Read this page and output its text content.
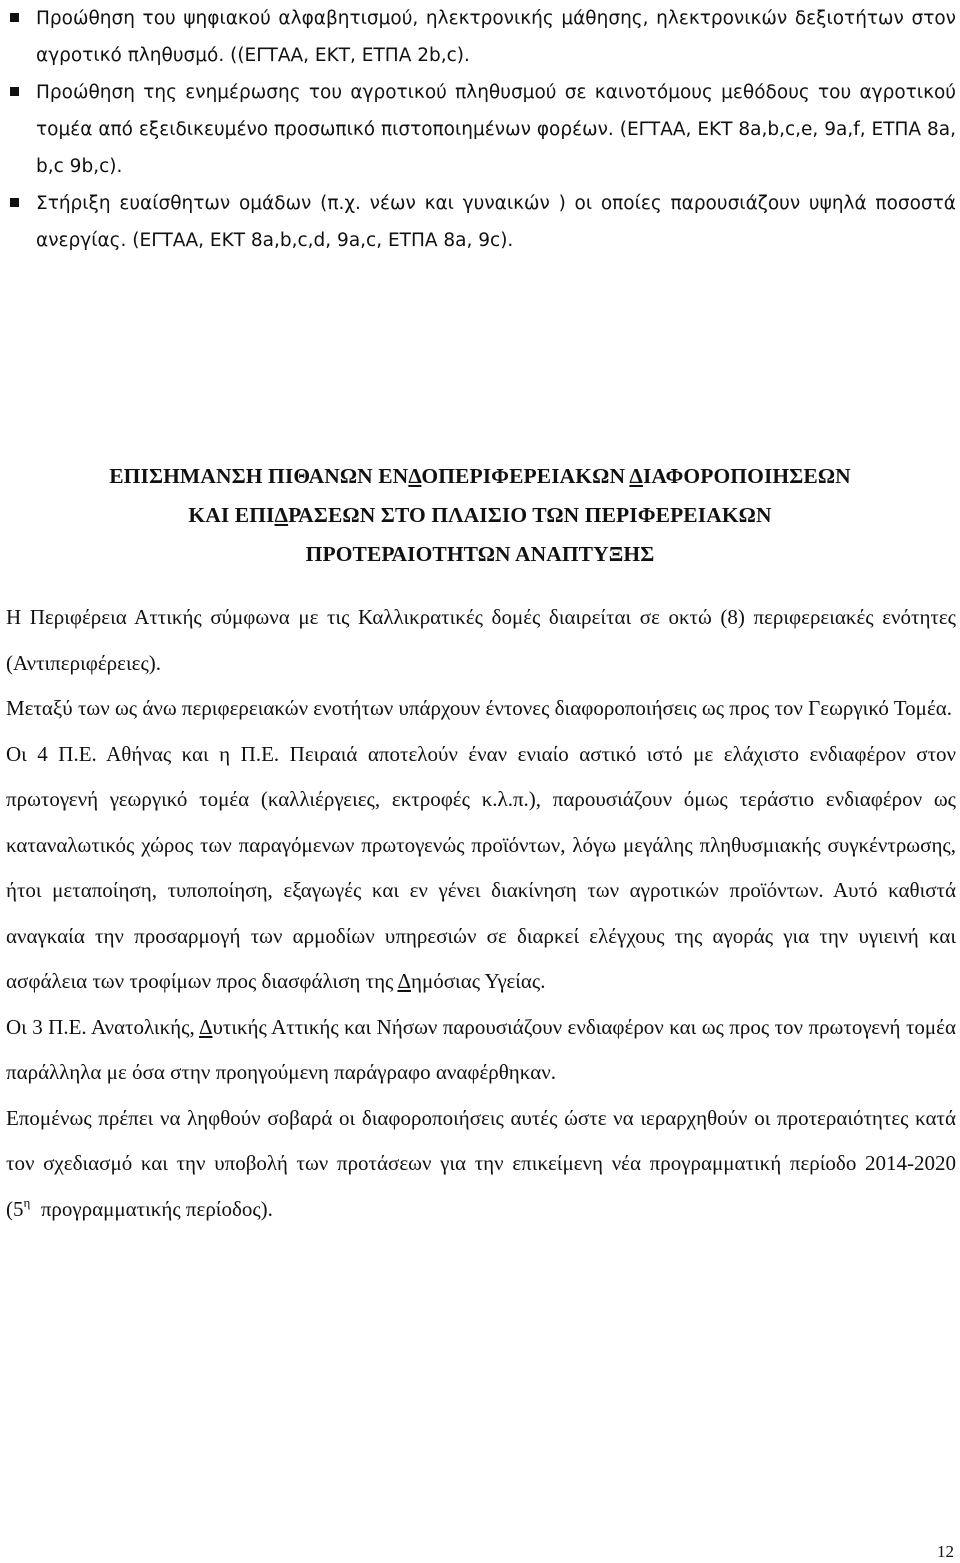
Προώθηση του ψηφιακού αλφαβητισμού, ηλεκτρονικής μάθησης, ηλεκτρονικών δεξιοτήτων στον αγροτικό πληθυσμό. ((ΕΓΤΑΑ, ΕΚΤ, ΕΤΠΑ 2b,c).
Προώθηση της ενημέρωσης του αγροτικού πληθυσμού σε καινοτόμους μεθόδους του αγροτικού τομέα από εξειδικευμένο προσωπικό πιστοποιημένων φορέων. (ΕΓΤΑΑ, ΕΚΤ 8a,b,c,e, 9a,f, ΕΤΠΑ 8a, b,c 9b,c).
Στήριξη ευαίσθητων ομάδων (π.χ. νέων και γυναικών ) οι οποίες παρουσιάζουν υψηλά ποσοστά ανεργίας. (ΕΓΤΑΑ, ΕΚΤ 8a,b,c,d, 9a,c, ΕΤΠΑ 8a, 9c).
ΕΠΙΣΗΜΑΝΣΗ ΠΙΘΑΝΩΝ ΕΝΔΟΠΕΡΙΦΕΡΕΙΑΚΩΝ ΔΙΑΦΟΡΟΠΟΙΗΣΕΩΝ
ΚΑΙ ΕΠΙΔΡΑΣΕΩΝ ΣΤΟ ΠΛΑΙΣΙΟ ΤΩΝ ΠΕΡΙΦΕΡΕΙΑΚΩΝ
ΠΡΟΤΕΡΑΙΟΤΗΤΩΝ ΑΝΑΠΤΥΞΗΣ

Η Περιφέρεια Αττικής σύμφωνα με τις Καλλικρατικές δομές διαιρείται σε οκτώ (8) περιφερειακές ενότητες (Αντιπεριφέρειες).

Μεταξύ των ως άνω περιφερειακών ενοτήτων υπάρχουν έντονες διαφοροποιήσεις ως προς τον Γεωργικό Τομέα.

Οι 4 Π.Ε. Αθήνας και η Π.Ε. Πειραιά αποτελούν έναν ενιαίο αστικό ιστό με ελάχιστο ενδιαφέρον στον πρωτογενή γεωργικό τομέα (καλλιέργειες, εκτροφές κ.λ.π.), παρουσιάζουν όμως τεράστιο ενδιαφέρον ως καταναλωτικός χώρος των παραγόμενων πρωτογενώς προϊόντων, λόγω μεγάλης πληθυσμιακής συγκέντρωσης, ήτοι μεταποίηση, τυποποίηση, εξαγωγές και εν γένει διακίνηση των αγροτικών προϊόντων. Αυτό καθιστά αναγκαία την προσαρμογή των αρμοδίων υπηρεσιών σε διαρκεί ελέγχους της αγοράς για την υγιεινή και ασφάλεια των τροφίμων προς διασφάλιση της Δημόσιας Υγείας.

Οι 3 Π.Ε. Ανατολικής, Δυτικής Αττικής και Νήσων παρουσιάζουν ενδιαφέρον και ως προς τον πρωτογενή τομέα παράλληλα με όσα στην προηγούμενη παράγραφο αναφέρθηκαν.

Επομένως πρέπει να ληφθούν σοβαρά οι διαφοροποιήσεις αυτές ώστε να ιεραρχηθούν οι προτεραιότητες κατά τον σχεδιασμό και την υποβολή των προτάσεων για την επικείμενη νέα προγραμματική περίοδο 2014-2020 ($5^\eta$ προγραμματικής περίοδος).

12
